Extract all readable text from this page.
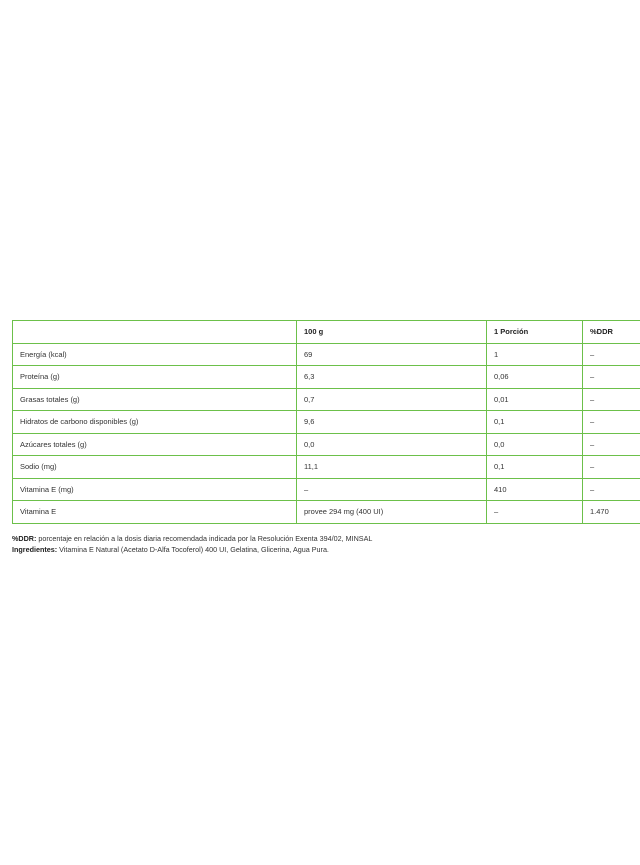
	100 g	1 Porción	%DDR
Energía (kcal)	69	1	–
Proteína (g)	6,3	0,06	–
Grasas totales (g)	0,7	0,01	–
Hidratos de carbono disponibles (g)	9,6	0,1	–
Azúcares totales (g)	0,0	0,0	–
Sodio (mg)	11,1	0,1	–
Vitamina E (mg)	–	410	–
Vitamina E	provee 294 mg (400 UI)	–	1.470

%DDR: porcentaje en relación a la dosis diaria recomendada indicada por la Resolución Exenta 394/02, MINSAL

Ingredientes: Vitamina E Natural (Acetato D-Alfa Tocoferol) 400 UI, Gelatina, Glicerina, Agua Pura.
